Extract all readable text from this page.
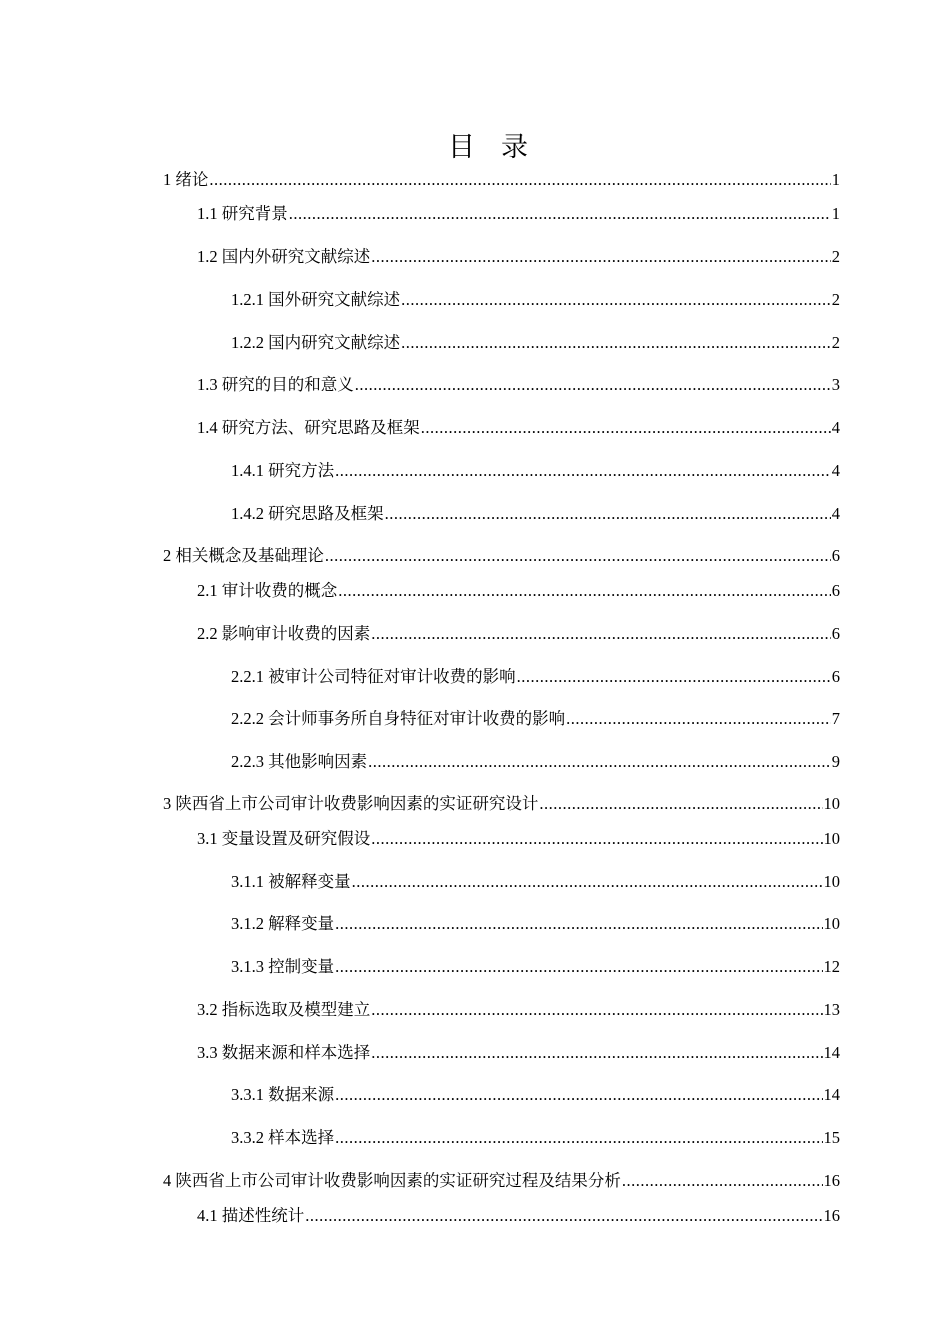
目录
1 绪论 .....	1
1.1 研究背景 .....	1
1.2 国内外研究文献综述 .....	2
1.2.1 国外研究文献综述 .....	2
1.2.2 国内研究文献综述 .....	2
1.3 研究的目的和意义 .....	3
1.4 研究方法、研究思路及框架 .....	4
1.4.1 研究方法 .....	4
1.4.2 研究思路及框架 .....	4
2 相关概念及基础理论 .....	6
2.1 审计收费的概念 .....	6
2.2 影响审计收费的因素 .....	6
2.2.1 被审计公司特征对审计收费的影响 .....	6
2.2.2 会计师事务所自身特征对审计收费的影响 .....	7
2.2.3 其他影响因素 .....	9
3 陕西省上市公司审计收费影响因素的实证研究设计 .....	10
3.1 变量设置及研究假设 .....	10
3.1.1 被解释变量 .....	10
3.1.2 解释变量 .....	10
3.1.3 控制变量 .....	12
3.2 指标选取及模型建立 .....	13
3.3 数据来源和样本选择 .....	14
3.3.1 数据来源 .....	14
3.3.2 样本选择 .....	15
4 陕西省上市公司审计收费影响因素的实证研究过程及结果分析 .....	16
4.1 描述性统计 .....	16
